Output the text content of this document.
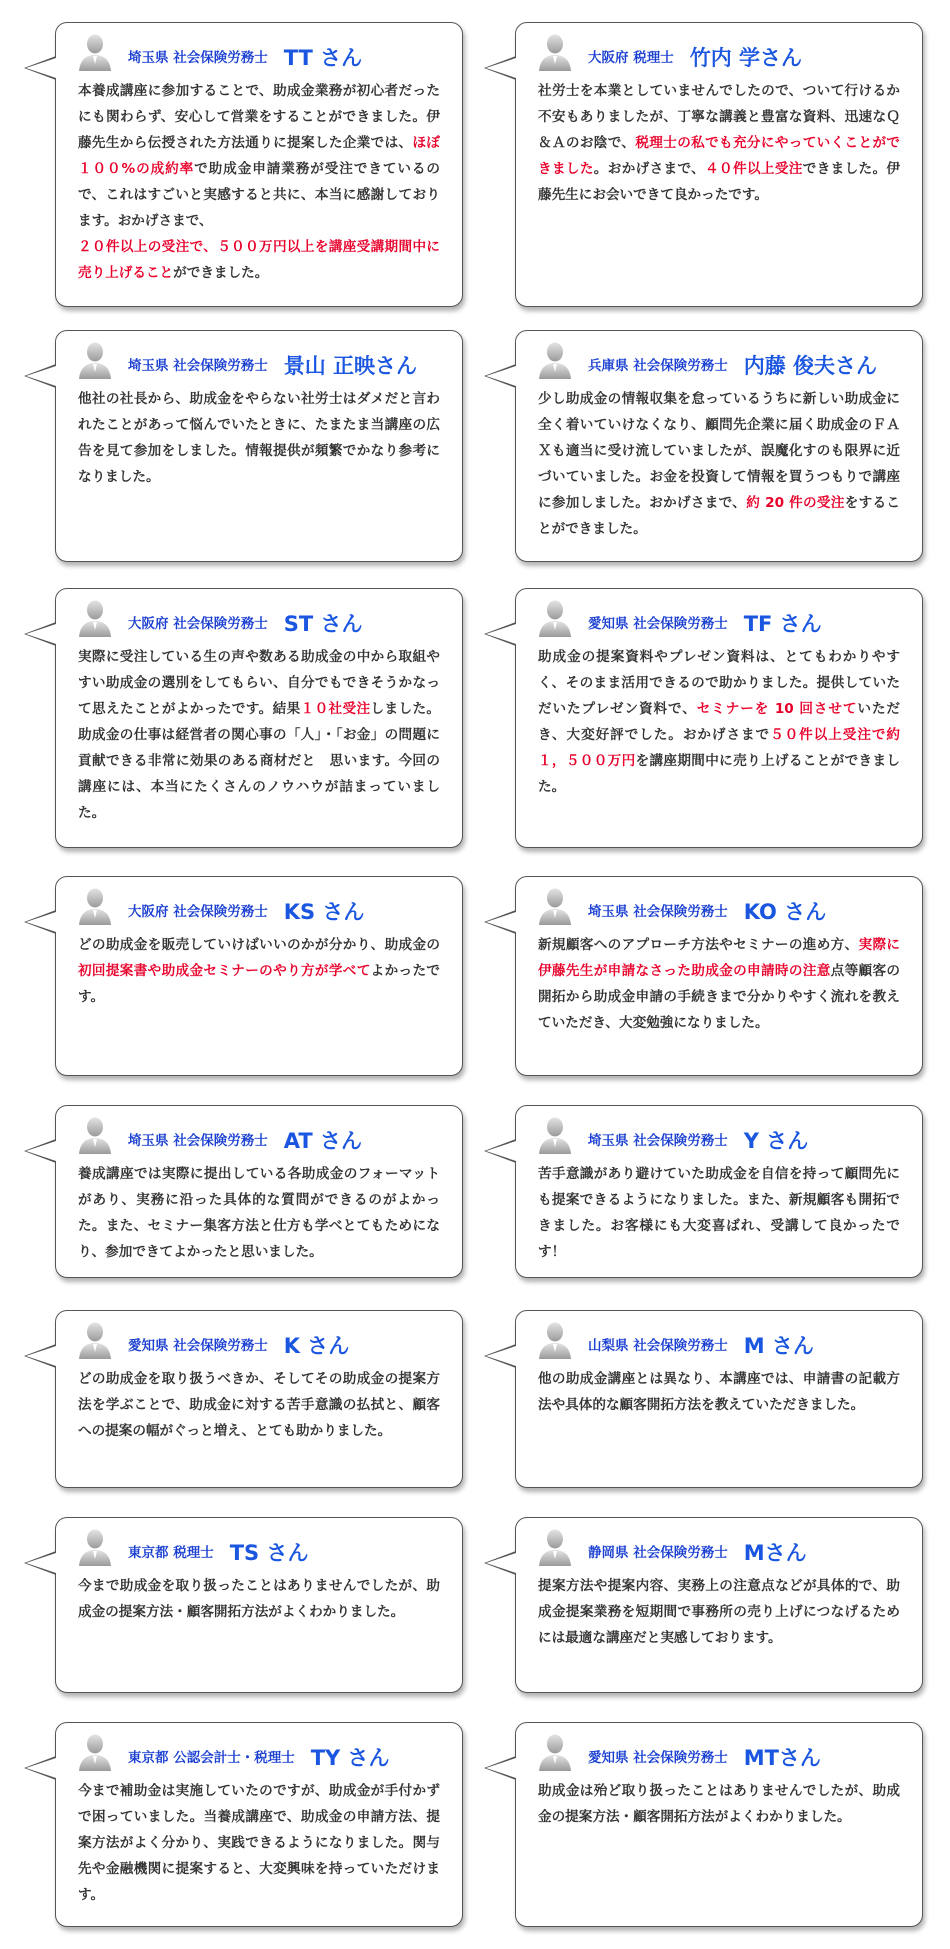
埼玉県 社会保険労務士 TT さん
本養成講座に参加することで、助成金業務が初心者だったにも関わらず、安心して営業をすることができました。伊藤先生から伝授された方法通りに提案した企業では、ほぼ１００%の成約率で助成金申請業務が受注できているので、これはすごいと実感すると共に、本当に感謝しております。おかげさまで、
２０件以上の受注で、５００万円以上を講座受講期間中に売り上げることができました。
大阪府 税理士 竹内 学さん
社労士を本業としていませんでしたので、ついて行けるか不安もありましたが、丁寧な講義と豊富な資料、迅速なＱ＆Ａのお陰で、税理士の私でも充分にやっていくことができました。おかげさまで、４０件以上受注できました。伊藤先生にお会いできて良かったです。
埼玉県 社会保険労務士 景山 正映さん
他社の社長から、助成金をやらない社労士はダメだと言われたことがあって悩んでいたときに、たまたま当講座の広告を見て参加をしました。情報提供が頻繁でかなり参考になりました。
兵庫県 社会保険労務士 内藤 俊夫さん
少し助成金の情報収集を怠っているうちに新しい助成金に全く着いていけなくなり、顧問先企業に届く助成金のＦＡＸも適当に受け流していましたが、誤魔化すのも限界に近づいていました。お金を投資して情報を買うつもりで講座に参加しました。おかげさまで、約 20 件の受注をすることができました。
大阪府 社会保険労務士 ST さん
実際に受注している生の声や数ある助成金の中から取組やすい助成金の選別をしてもらい、自分でもできそうかなって思えたことがよかったです。結果１０社受注しました。助成金の仕事は経営者の関心事の「人」・「お金」の問題に貢献できる非常に効果のある商材だと　思います。今回の講座には、本当にたくさんのノウハウが詰まっていました。
愛知県 社会保険労務士 TF さん
助成金の提案資料やプレゼン資料は、とてもわかりやすく、そのまま活用できるので助かりました。提供していただいたプレゼン資料で、セミナーを 10 回させていただき、大変好評でした。おかげさまで５０件以上受注で約１，５００万円を講座期間中に売り上げることができました。
大阪府 社会保険労務士 KS さん
どの助成金を販売していけばいいのかが分かり、助成金の初回提案書や助成金セミナーのやり方が学べてよかったです。
埼玉県 社会保険労務士 KO さん
新規顧客へのアプローチ方法やセミナーの進め方、実際に伊藤先生が申請なさった助成金の申請時の注意点等顧客の開拓から助成金申請の手続きまで分かりやすく流れを教えていただき、大変勉強になりました。
埼玉県 社会保険労務士 AT さん
養成講座では実際に提出している各助成金のフォーマットがあり、実務に沿った具体的な質問ができるのがよかった。また、セミナー集客方法と仕方も学べとてもためになり、参加できてよかったと思いました。
埼玉県 社会保険労務士 Y さん
苦手意識があり避けていた助成金を自信を持って顧問先にも提案できるようになりました。また、新規顧客も開拓できました。お客様にも大変喜ばれ、受講して良かったです！
愛知県 社会保険労務士 K さん
どの助成金を取り扱うべきか、そしてその助成金の提案方法を学ぶことで、助成金に対する苦手意識の払拭と、顧客への提案の幅がぐっと増え、とても助かりました。
山梨県 社会保険労務士 M さん
他の助成金講座とは異なり、本講座では、申請書の記載方法や具体的な顧客開拓方法を教えていただきました。
東京都 税理士 TS さん
今まで助成金を取り扱ったことはありませんでしたが、助成金の提案方法・顧客開拓方法がよくわかりました。
静岡県 社会保険労務士 Mさん
提案方法や提案内容、実務上の注意点などが具体的で、助成金提案業務を短期間で事務所の売り上げにつなげるためには最適な講座だと実感しております。
東京都 公認会計士・税理士 TY さん
今まで補助金は実施していたのですが、助成金が手付かずで困っていました。当養成講座で、助成金の申請方法、提案方法がよく分かり、実践できるようになりました。関与先や金融機関に提案すると、大変興味を持っていただけます。
愛知県 社会保険労務士 MTさん
助成金は殆ど取り扱ったことはありませんでしたが、助成金の提案方法・顧客開拓方法がよくわかりました。
